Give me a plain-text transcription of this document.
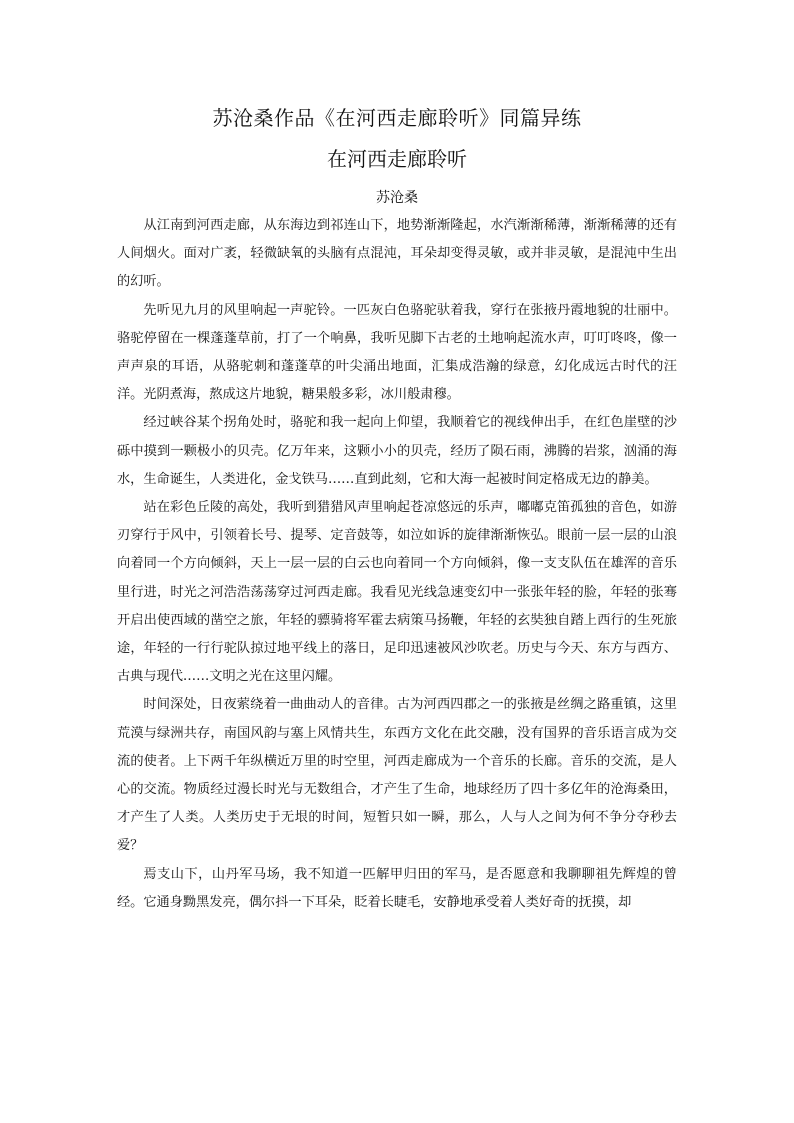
苏沧桑作品《在河西走廊聆听》同篇异练
在河西走廊聆听

苏沧桑

从江南到河西走廊，从东海边到祁连山下，地势渐渐隆起，水汽渐渐稀薄，渐渐稀薄的还有人间烟火。面对广袤，轻微缺氧的头脑有点混沌，耳朵却变得灵敏，或并非灵敏，是混沌中生出的幻听。

先听见九月的风里响起一声驼铃。一匹灰白色骆驼驮着我，穿行在张掖丹霞地貌的壮丽中。骆驼停留在一棵蓬蓬草前，打了一个响鼻，我听见脚下古老的土地响起流水声，叮叮咚咚，像一声声泉的耳语，从骆驼刺和蓬蓬草的叶尖涌出地面，汇集成浩瀚的绿意，幻化成远古时代的汪洋。光阴煮海，熬成这片地貌，糖果般多彩，冰川般肃穆。

经过峡谷某个拐角处时，骆驼和我一起向上仰望，我顺着它的视线伸出手，在红色崖壁的沙砾中摸到一颗极小的贝壳。亿万年来，这颗小小的贝壳，经历了陨石雨，沸腾的岩浆，汹涌的海水，生命诞生，人类进化，金戈铁马……直到此刻，它和大海一起被时间定格成无边的静美。

站在彩色丘陵的高处，我听到猎猎风声里响起苍凉悠远的乐声，嘟嘟克笛孤独的音色，如游刃穿行于风中，引领着长号、提琴、定音鼓等，如泣如诉的旋律渐渐恢弘。眼前一层一层的山浪向着同一个方向倾斜，天上一层一层的白云也向着同一个方向倾斜，像一支支队伍在雄浑的音乐里行进，时光之河浩浩荡荡穿过河西走廊。我看见光线急速变幻中一张张年轻的脸，年轻的张骞开启出使西域的凿空之旅，年轻的骠骑将军霍去病策马扬鞭，年轻的玄奘独自踏上西行的生死旅途，年轻的一行行驼队掠过地平线上的落日，足印迅速被风沙吹老。历史与今天、东方与西方、古典与现代……文明之光在这里闪耀。

时间深处，日夜萦绕着一曲曲动人的音律。古为河西四郡之一的张掖是丝绸之路重镇，这里荒漠与绿洲共存，南国风韵与塞上风情共生，东西方文化在此交融，没有国界的音乐语言成为交流的使者。上下两千年纵横近万里的时空里，河西走廊成为一个音乐的长廊。音乐的交流，是人心的交流。物质经过漫长时光与无数组合，才产生了生命，地球经历了四十多亿年的沧海桑田，才产生了人类。人类历史于无垠的时间，短暂只如一瞬，那么，人与人之间为何不争分夺秒去爱？

焉支山下，山丹军马场，我不知道一匹解甲归田的军马，是否愿意和我聊聊祖先辉煌的曾经。它通身黝黑发亮，偶尔抖一下耳朵，眨着长睫毛，安静地承受着人类好奇的抚摸，却
